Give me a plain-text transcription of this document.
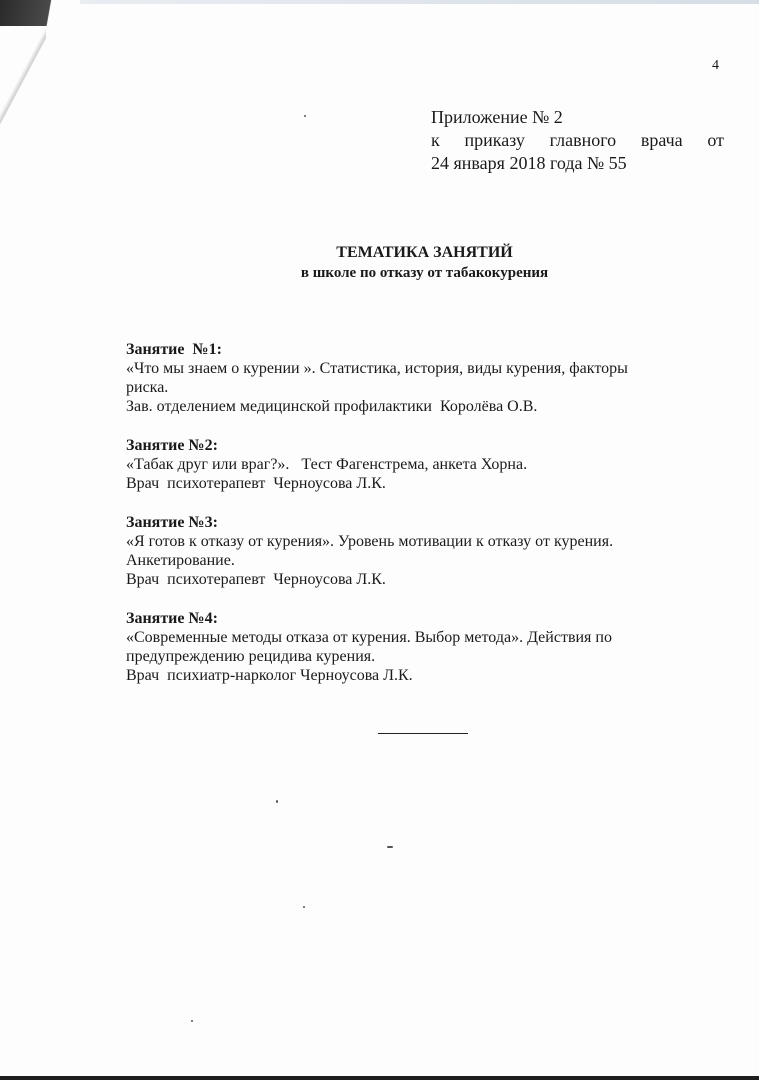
4
Приложение № 2
к приказу главного врача от
24 января 2018 года № 55
ТЕМАТИКА ЗАНЯТИЙ
в школе по отказу от табакокурения
Занятие  №1:
«Что мы знаем о курении ». Статистика, история, виды курения, факторы
риска.
Зав. отделением медицинской профилактики  Королёва О.В.
Занятие №2:
«Табак друг или враг?».   Тест Фагенстрема, анкета Хорна.
Врач  психотерапевт  Черноусова Л.К.
Занятие №3:
«Я готов к отказу от курения». Уровень мотивации к отказу от курения.
Анкетирование.
Врач  психотерапевт  Черноусова Л.К.
Занятие №4:
«Современные методы отказа от курения. Выбор метода». Действия по
предупреждению рецидива курения.
Врач  психиатр-нарколог Черноусова Л.К.
